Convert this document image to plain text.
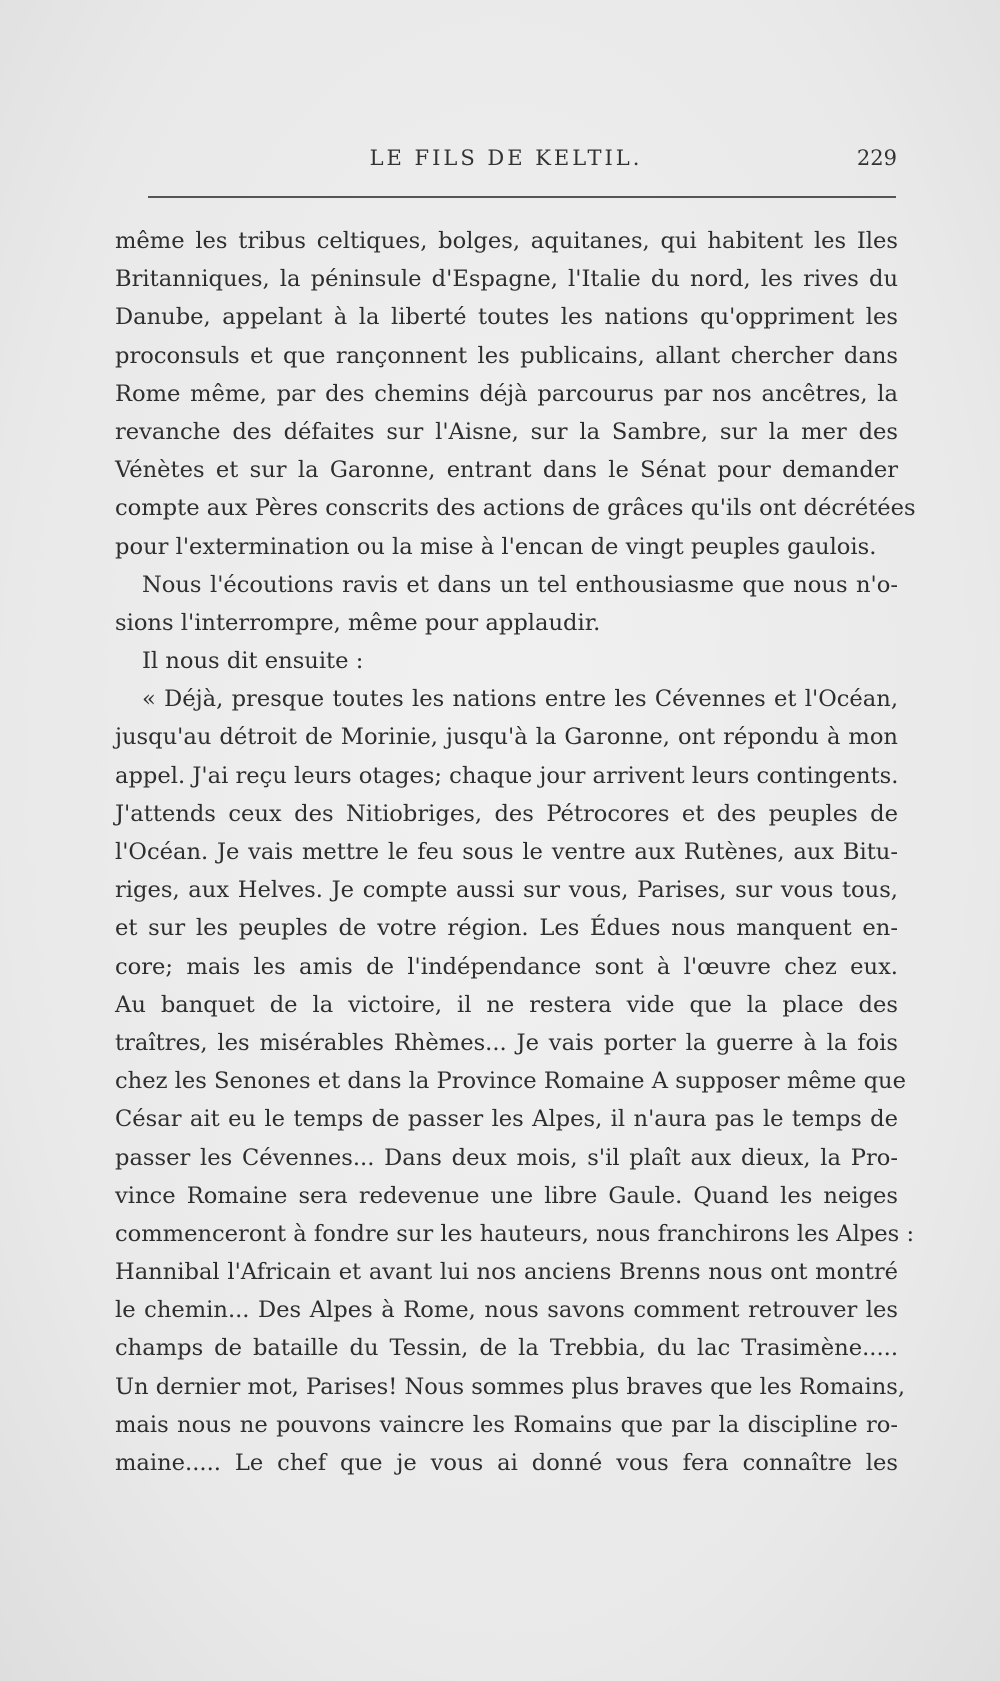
LE FILS DE KELTIL.	229
même les tribus celtiques, bolges, aquitanes, qui habitent les Iles
Britanniques, la péninsule d'Espagne, l'Italie du nord, les rives du
Danube, appelant à la liberté toutes les nations qu'oppriment les
proconsuls et que rançonnent les publicains, allant chercher dans
Rome même, par des chemins déjà parcourus par nos ancêtres, la
revanche des défaites sur l'Aisne, sur la Sambre, sur la mer des
Vénètes et sur la Garonne, entrant dans le Sénat pour demander
compte aux Pères conscrits des actions de grâces qu'ils ont décrétées
pour l'extermination ou la mise à l'encan de vingt peuples gaulois.
Nous l'écoutions ravis et dans un tel enthousiasme que nous n'o-
sions l'interrompre, même pour applaudir.
Il nous dit ensuite :
« Déjà, presque toutes les nations entre les Cévennes et l'Océan,
jusqu'au détroit de Morinie, jusqu'à la Garonne, ont répondu à mon
appel. J'ai reçu leurs otages; chaque jour arrivent leurs contingents.
J'attends ceux des Nitiobriges, des Pétrocores et des peuples de
l'Océan. Je vais mettre le feu sous le ventre aux Rutènes, aux Bitu-
riges, aux Helves. Je compte aussi sur vous, Parises, sur vous tous,
et sur les peuples de votre région. Les Édues nous manquent en-
core; mais les amis de l'indépendance sont à l'œuvre chez eux.
Au banquet de la victoire, il ne restera vide que la place des
traîtres, les misérables Rhèmes... Je vais porter la guerre à la fois
chez les Senones et dans la Province Romaine A supposer même que
César ait eu le temps de passer les Alpes, il n'aura pas le temps de
passer les Cévennes... Dans deux mois, s'il plaît aux dieux, la Pro-
vince Romaine sera redevenue une libre Gaule. Quand les neiges
commenceront à fondre sur les hauteurs, nous franchirons les Alpes :
Hannibal l'Africain et avant lui nos anciens Brenns nous ont montré
le chemin... Des Alpes à Rome, nous savons comment retrouver les
champs de bataille du Tessin, de la Trebbia, du lac Trasimène.....
Un dernier mot, Parises! Nous sommes plus braves que les Romains,
mais nous ne pouvons vaincre les Romains que par la discipline ro-
maine..... Le chef que je vous ai donné vous fera connaître les
